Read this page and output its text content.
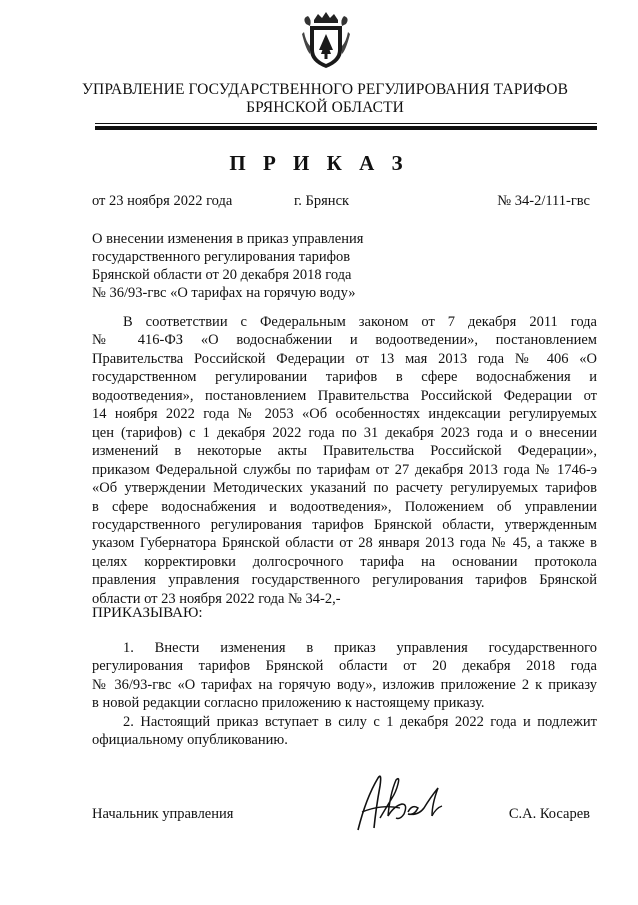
УПРАВЛЕНИЕ ГОСУДАРСТВЕННОГО РЕГУЛИРОВАНИЯ ТАРИФОВ
БРЯНСКОЙ ОБЛАСТИ
П Р И К А З
от 23 ноября 2022 года	г. Брянск	№ 34-2/111-гвс
О внесении изменения в приказ управления
государственного регулирования тарифов
Брянской области от 20 декабря 2018 года
№ 36/93-гвс «О тарифах на горячую воду»
В соответствии с Федеральным законом от 7 декабря 2011 года
№ 416-ФЗ «О водоснабжении и водоотведении», постановлением
Правительства Российской Федерации от 13 мая 2013 года № 406 «О
государственном регулировании тарифов в сфере водоснабжения и
водоотведения», постановлением Правительства Российской Федерации от
14 ноября 2022 года № 2053 «Об особенностях индексации регулируемых
цен (тарифов) с 1 декабря 2022 года по 31 декабря 2023 года и о внесении
изменений в некоторые акты Правительства Российской Федерации»,
приказом Федеральной службы по тарифам от 27 декабря 2013 года № 1746-э
«Об утверждении Методических указаний по расчету регулируемых тарифов
в сфере водоснабжения и водоотведения», Положением об управлении
государственного регулирования тарифов Брянской области, утвержденным
указом Губернатора Брянской области от 28 января 2013 года № 45, а также в
целях корректировки долгосрочного тарифа на основании протокола
правления управления государственного регулирования тарифов Брянской
области от 23 ноября 2022 года № 34-2,-
ПРИКАЗЫВАЮ:
1. Внести изменения в приказ управления государственного
регулирования тарифов Брянской области от 20 декабря 2018 года
№ 36/93-гвс «О тарифах на горячую воду», изложив приложение 2 к приказу
в новой редакции согласно приложению к настоящему приказу.
2. Настоящий приказ вступает в силу с 1 декабря 2022 года и подлежит
официальному опубликованию.
Начальник управления	С.А. Косарев
